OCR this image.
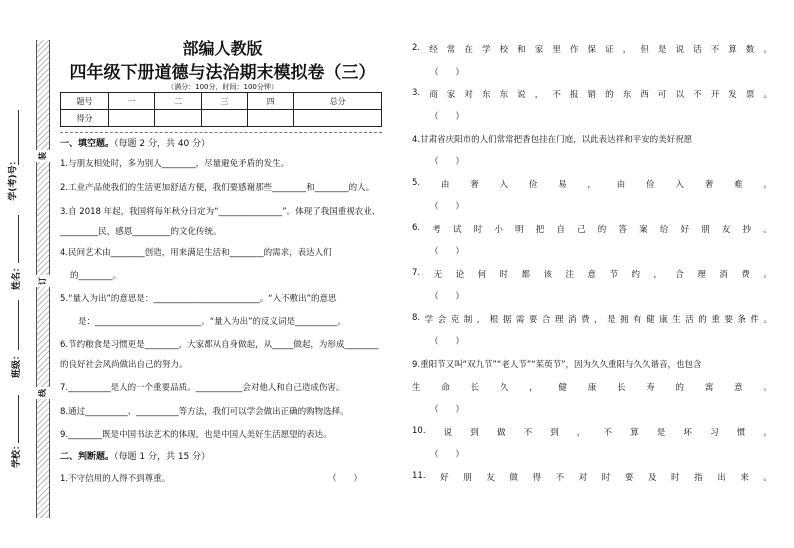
装
订
线
学(考)号：
姓名：
班级：
学校：
部编人教版
四年级下册道德与法治期末模拟卷（三）
（满分：100分，时间：100分钟）
题号	一	二	三	四	总分
得分					
一、填空题。（每题 2 分，共 40 分）
1.与朋友相处时，多为别人________，尽量避免矛盾的发生。
2.工业产品使我们的生活更加舒适方便，我们要感谢那些________和________的人。
3.自 2018 年起，我国将每年秋分日定为“_______________”。体现了我国重视农业、
_________民，感恩_________的文化传统。
4.民间艺术由________创造，用来满足生活和________的需求，表达人们
的________。
5.“量入为出”的意思是：_________________________。“入不敷出”的意思
是：_________________________。“量入为出”的反义词是__________。
6.节约粮食是习惯更是________，大家都从自身做起，从_____做起，为形成________
的良好社会风尚做出自己的努力。
7.__________是人的一个重要品质。___________会对他人和自己造成伤害。
8.通过__________、__________等方法，我们可以学会做出正确的购物选择。
9.________既是中国书法艺术的体现，也是中国人美好生活愿望的表达。
二、判断题。（每题 1 分，共 15 分）
1.不守信用的人得不到尊重。	（　　）
2. 经 常 在 学 校 和 家 里 作 保 证 ， 但 是 说 话 不 算 数 。
（　　）
3. 商 家 对 东 东 说 ， 不 报 销 的 东 西 可 以 不 开 发 票 。
（　　）
4.甘肃省庆阳市的人们常常把香包挂在门庭，以此表达祥和平安的美好祝愿
（　　）
5. 由 奢 入 俭 易 ， 由 俭 入 奢 难 。
（　　）
6. 考 试 时 小 明 把 自 己 的 答 案 给 好 朋 友 抄 。
（　　）
7. 无 论 何 时 都 该 注 意 节 约 ， 合 理 消 费 。
（　　）
8. 学 会 克 制 ， 根 据 需 要 合 理 消 费 ， 是 拥 有 健 康 生 活 的 重 要 条 件 。
（　　）
9.重阳节又叫“双九节”“老人节”“茱萸节”，因为久久重阳与久久谐音，也包含
生 命 长 久 ， 健 康 长 寿 的 寓 意 。
（　　）
10. 说 到 做 不 到 ， 不 算 是 坏 习 惯 。
（　　）
11. 好 朋 友 做 得 不 对 时 要 及 时 指 出 来 。
